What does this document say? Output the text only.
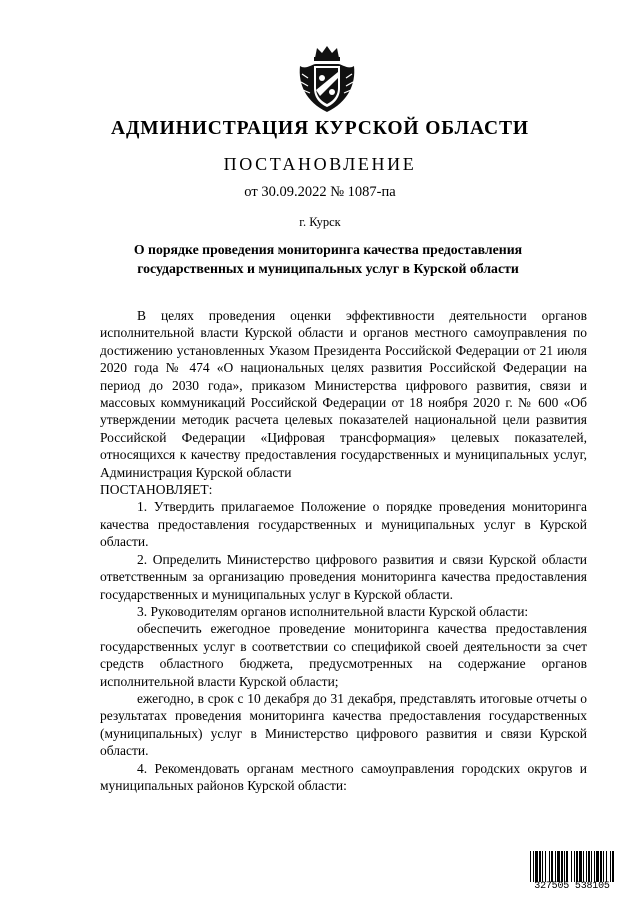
АДМИНИСТРАЦИЯ КУРСКОЙ ОБЛАСТИ
ПОСТАНОВЛЕНИЕ
от 30.09.2022 № 1087-па
г. Курск
О порядке проведения мониторинга качества предоставления государственных и муниципальных услуг в Курской области

В целях проведения оценки эффективности деятельности органов исполнительной власти Курской области и органов местного самоуправления по достижению установленных Указом Президента Российской Федерации от 21 июля 2020 года № 474 «О национальных целях развития Российской Федерации на период до 2030 года», приказом Министерства цифрового развития, связи и массовых коммуникаций Российской Федерации от 18 ноября 2020 г. № 600 «Об утверждении методик расчета целевых показателей национальной цели развития Российской Федерации «Цифровая трансформация» целевых показателей, относящихся к качеству предоставления государственных и муниципальных услуг, Администрация Курской области

ПОСТАНОВЛЯЕТ:

1. Утвердить прилагаемое Положение о порядке проведения мониторинга качества предоставления государственных и муниципальных услуг в Курской области.

2. Определить Министерство цифрового развития и связи Курской области ответственным за организацию проведения мониторинга качества предоставления государственных и муниципальных услуг в Курской области.

3. Руководителям органов исполнительной власти Курской области:

обеспечить ежегодное проведение мониторинга качества предоставления государственных услуг в соответствии со спецификой своей деятельности за счет средств областного бюджета, предусмотренных на содержание органов исполнительной власти Курской области;

ежегодно, в срок с 10 декабря до 31 декабря, представлять итоговые отчеты о результатах проведения мониторинга качества предоставления государственных (муниципальных) услуг в Министерство цифрового развития и связи Курской области.

4. Рекомендовать органам местного самоуправления городских округов и муниципальных районов Курской области:

327505 538105
